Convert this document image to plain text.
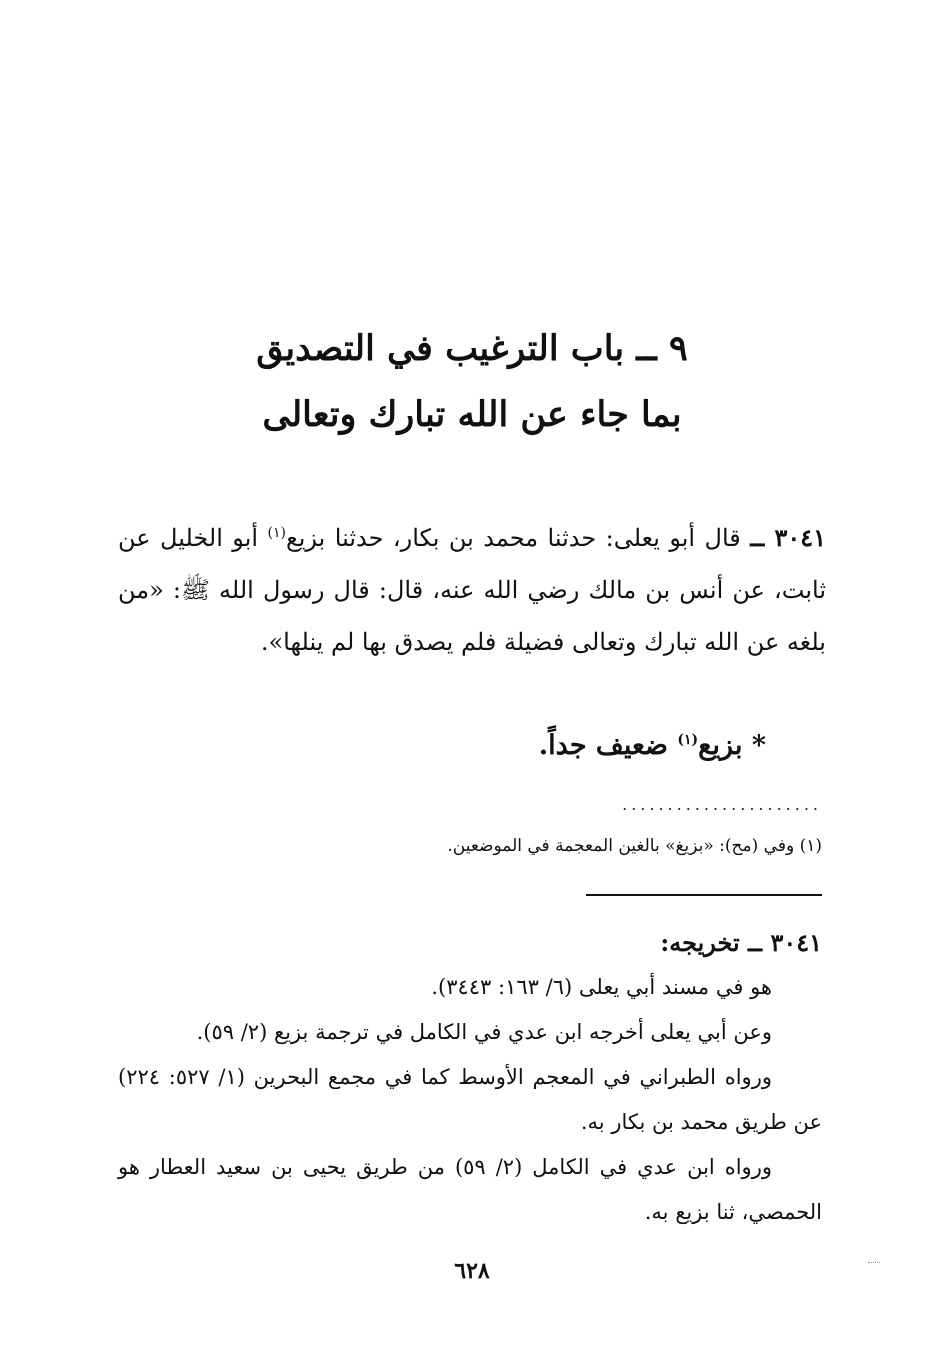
٩ ــ باب الترغيب في التصديق
بما جاء عن الله تبارك وتعالى
٣٠٤١ ــ قال أبو يعلى: حدثنا محمد بن بكار، حدثنا بزيع$^{(١)}$ أبو الخليل عن ثابت، عن أنس بن مالك رضي الله عنه، قال: قال رسول الله ﷺ: «من بلغه عن الله تبارك وتعالى فضيلة فلم يصدق بها لم ينلها».
* بزيع$^{(١)}$ ضعيف جداً.
......................
(١) وفي (مح): «بزيغ» بالغين المعجمة في الموضعين.
٣٠٤١ ــ تخريجه:

هو في مسند أبي يعلى (٦/ ١٦٣: ٣٤٤٣).

وعن أبي يعلى أخرجه ابن عدي في الكامل في ترجمة بزيع (٢/ ٥٩).

ورواه الطبراني في المعجم الأوسط كما في مجمع البحرين (١/ ٥٢٧: ٢٢٤) عن طريق محمد بن بكار به.

ورواه ابن عدي في الكامل (٢/ ٥٩) من طريق يحيى بن سعيد العطار هو الحمصي، ثنا بزيع به.

٦٢٨
